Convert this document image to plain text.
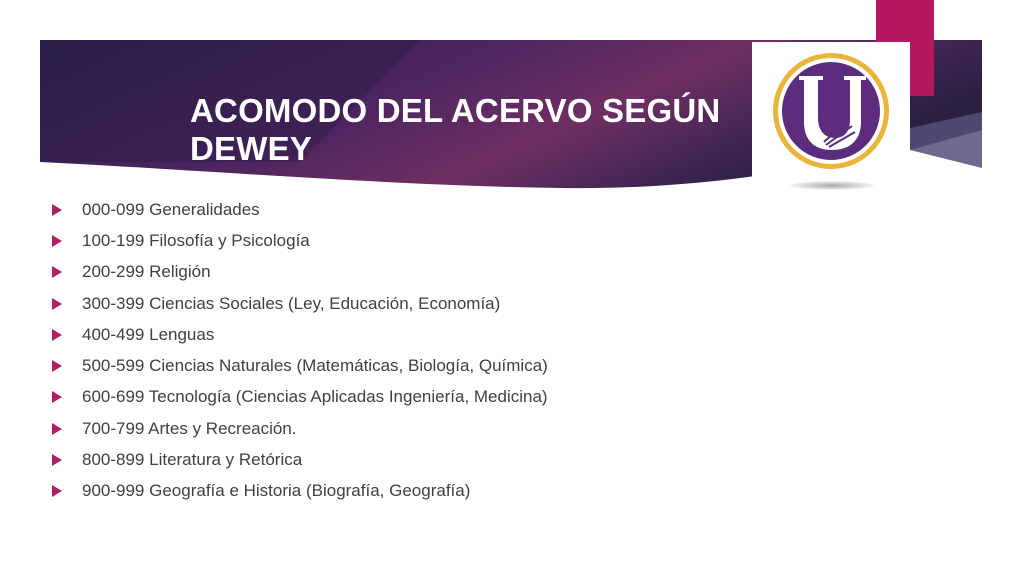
ACOMODO DEL ACERVO SEGÚN
DEWEY
000-099 Generalidades
100-199 Filosofía y Psicología
200-299 Religión
300-399 Ciencias Sociales (Ley, Educación, Economía)
400-499 Lenguas
500-599 Ciencias Naturales (Matemáticas, Biología, Química)
600-699 Tecnología (Ciencias Aplicadas Ingeniería, Medicina)
700-799 Artes y Recreación.
800-899 Literatura y Retórica
900-999 Geografía e Historia (Biografía, Geografía)
